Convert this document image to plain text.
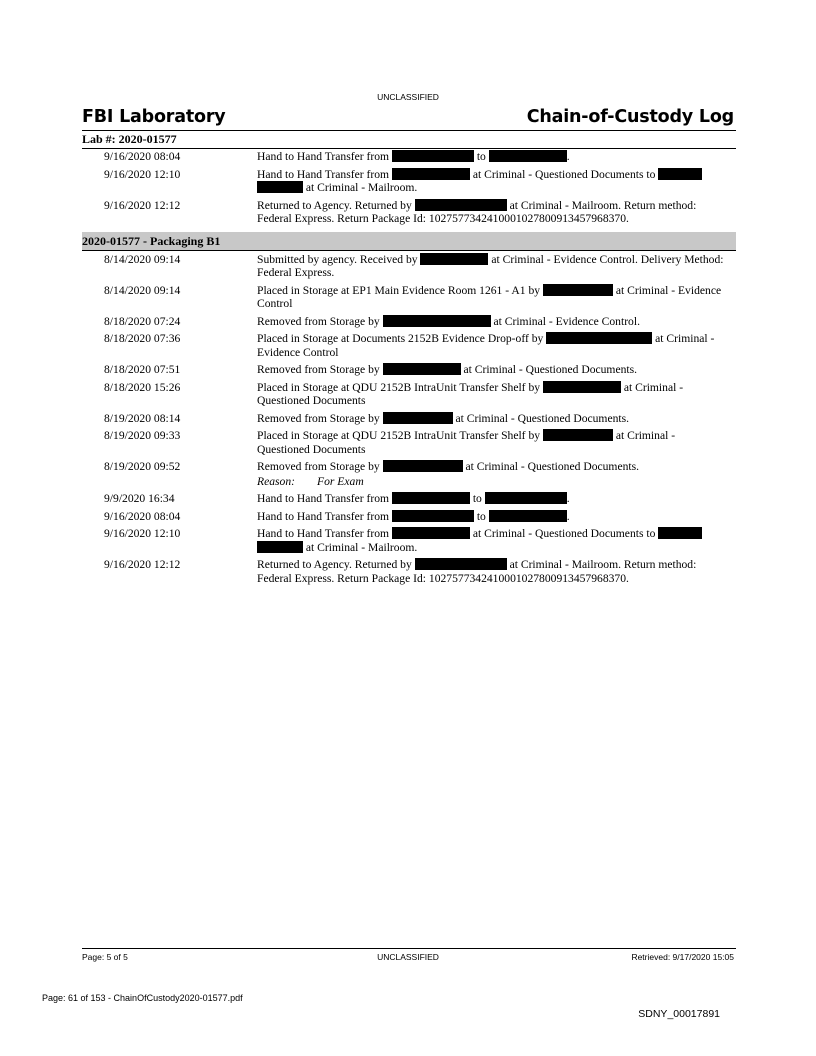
UNCLASSIFIED
FBI Laboratory	Chain-of-Custody Log
Lab #: 2020-01577
9/16/2020 08:04	Hand to Hand Transfer from	to	.
9/16/2020 12:10	Hand to Hand Transfer from	at Criminal - Questioned Documents to   at Criminal - Mailroom.
9/16/2020 12:12	Returned to Agency. Returned by	at Criminal - Mailroom. Return method: Federal Express. Return Package Id: 1027577342410001027800913457968370.
2020-01577 - Packaging B1
8/14/2020 09:14	Submitted by agency. Received by	at Criminal - Evidence Control. Delivery Method: Federal Express.
8/14/2020 09:14	Placed in Storage at EP1 Main Evidence Room 1261 - A1 by	at Criminal - Evidence Control
8/18/2020 07:24	Removed from Storage by	at Criminal - Evidence Control.
8/18/2020 07:36	Placed in Storage at Documents 2152B Evidence Drop-off by	at Criminal - Evidence Control
8/18/2020 07:51	Removed from Storage by	at Criminal - Questioned Documents.
8/18/2020 15:26	Placed in Storage at QDU 2152B IntraUnit Transfer Shelf by	at Criminal - Questioned Documents
8/19/2020 08:14	Removed from Storage by	at Criminal - Questioned Documents.
8/19/2020 09:33	Placed in Storage at QDU 2152B IntraUnit Transfer Shelf by	at Criminal - Questioned Documents
8/19/2020 09:52	Removed from Storage by	at Criminal - Questioned Documents.
Reason: For Exam
9/9/2020 16:34	Hand to Hand Transfer from	to	.
9/16/2020 08:04	Hand to Hand Transfer from	to	.
9/16/2020 12:10	Hand to Hand Transfer from	at Criminal - Questioned Documents to   at Criminal - Mailroom.
9/16/2020 12:12	Returned to Agency. Returned by	at Criminal - Mailroom. Return method: Federal Express. Return Package Id: 1027577342410001027800913457968370.
Page: 5 of 5	UNCLASSIFIED	Retrieved: 9/17/2020 15:05
Page: 61 of 153 - ChainOfCustody2020-01577.pdf
SDNY_00017891
